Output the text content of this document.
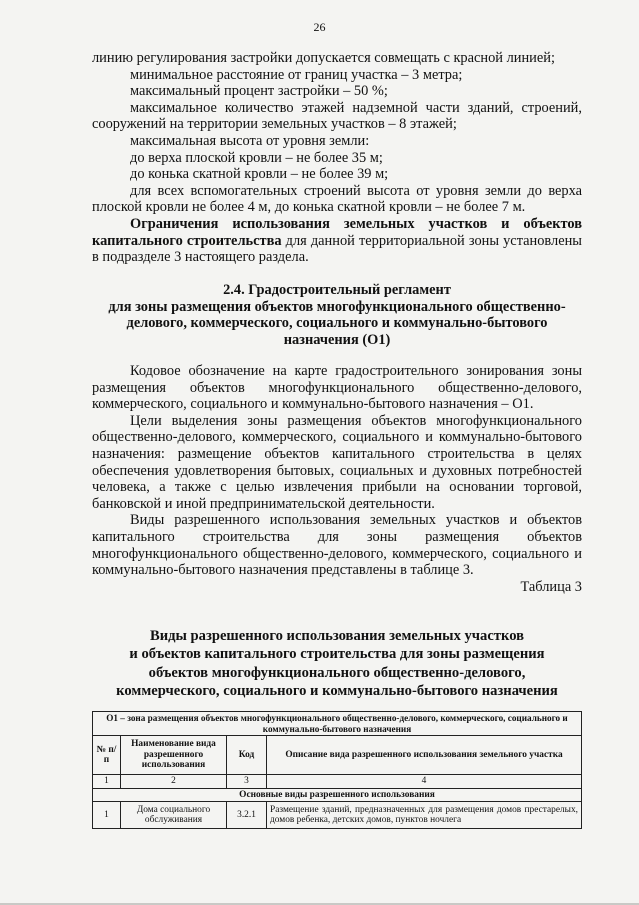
26

линию регулирования застройки допускается совмещать с красной линией;

минимальное расстояние от границ участка – 3 метра;

максимальный процент застройки – 50 %;

максимальное количество этажей надземной части зданий, строений,

сооружений на территории земельных участков – 8 этажей;

максимальная высота от уровня земли:

до верха плоской кровли – не более 35 м;

до конька скатной кровли – не более 39 м;

для всех вспомогательных строений высота от уровня земли до верха

плоской кровли не более 4 м, до конька скатной кровли – не более 7 м.

Ограничения использования земельных участков и объектов капитального строительства для данной территориальной зоны установлены в подразделе 3 настоящего раздела.

2.4. Градостроительный регламент
для зоны размещения объектов многофункционального общественно-
делового, коммерческого, социального и коммунально-бытового
назначения (О1)

Кодовое обозначение на карте градостроительного зонирования зоны размещения объектов многофункционального общественно-делового, коммерческого, социального и коммунально-бытового назначения – О1.

Цели выделения зоны размещения объектов многофункционального общественно-делового, коммерческого, социального и коммунально-бытового назначения: размещение объектов капитального строительства в целях обеспечения удовлетворения бытовых, социальных и духовных потребностей человека, а также с целью извлечения прибыли на основании торговой, банковской и иной предпринимательской деятельности.

Виды разрешенного использования земельных участков и объектов капитального строительства для зоны размещения объектов многофункционального общественно-делового, коммерческого, социального и коммунально-бытового назначения представлены в таблице 3.

Таблица 3

Виды разрешенного использования земельных участков
и объектов капитального строительства для зоны размещения
объектов многофункционального общественно-делового,
коммерческого, социального и коммунально-бытового назначения
О1 – зона размещения объектов многофункционального общественно-делового, коммерческого, социального и коммунально-бытового назначения			
№ п/п	Наименование вида разрешенного использования	Код	Описание вида разрешенного использования земельного участка
1	2	3	4
Основные виды разрешенного использования			
1	Дома социального обслуживания	3.2.1	Размещение зданий, предназначенных для размещения домов престарелых, домов ребенка, детских домов, пунктов ночлега
